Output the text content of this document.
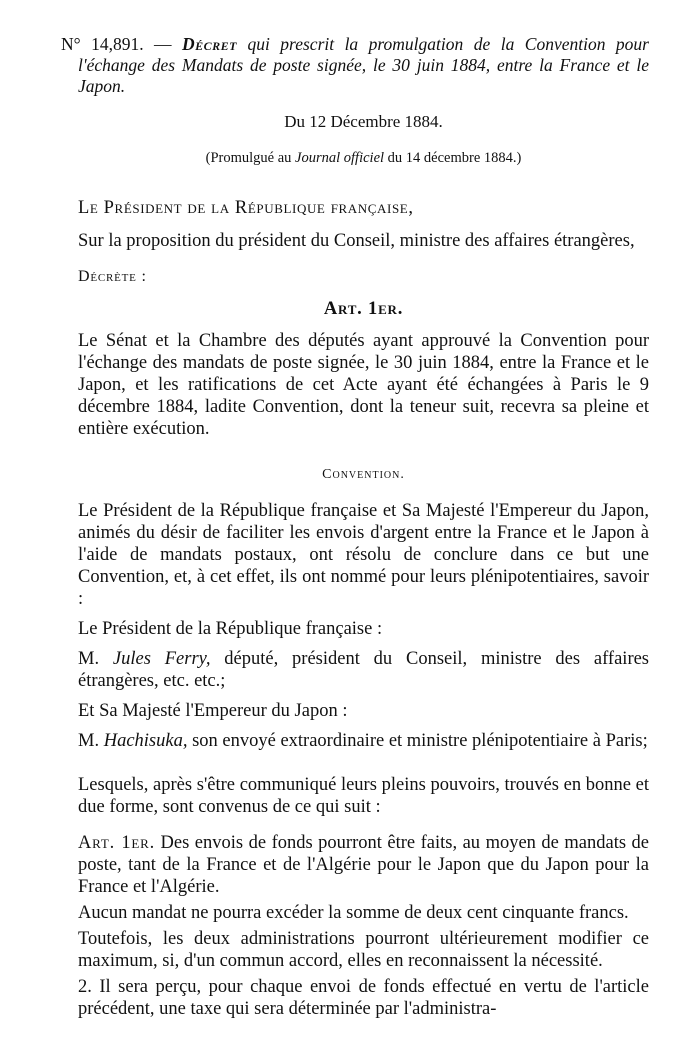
N° 14,891. — Décret qui prescrit la promulgation de la Convention pour l'échange des Mandats de poste signée, le 30 juin 1884, entre la France et le Japon.

Du 12 Décembre 1884.

(Promulgué au Journal officiel du 14 décembre 1884.)

Le Président de la République française,

Sur la proposition du président du Conseil, ministre des affaires étrangères,

Décrète :

Art. 1er.

Le Sénat et la Chambre des députés ayant approuvé la Convention pour l'échange des mandats de poste signée, le 30 juin 1884, entre la France et le Japon, et les ratifications de cet Acte ayant été échangées à Paris le 9 décembre 1884, ladite Convention, dont la teneur suit, recevra sa pleine et entière exécution.

Convention.

Le Président de la République française et Sa Majesté l'Empereur du Japon, animés du désir de faciliter les envois d'argent entre la France et le Japon à l'aide de mandats postaux, ont résolu de conclure dans ce but une Convention, et, à cet effet, ils ont nommé pour leurs plénipotentiaires, savoir :

Le Président de la République française :

M. Jules Ferry, député, président du Conseil, ministre des affaires étrangères, etc. etc.;

Et Sa Majesté l'Empereur du Japon :

M. Hachisuka, son envoyé extraordinaire et ministre plénipotentiaire à Paris;

Lesquels, après s'être communiqué leurs pleins pouvoirs, trouvés en bonne et due forme, sont convenus de ce qui suit :

Art. 1er. Des envois de fonds pourront être faits, au moyen de mandats de poste, tant de la France et de l'Algérie pour le Japon que du Japon pour la France et l'Algérie.

Aucun mandat ne pourra excéder la somme de deux cent cinquante francs.

Toutefois, les deux administrations pourront ultérieurement modifier ce maximum, si, d'un commun accord, elles en reconnaissent la nécessité.

2. Il sera perçu, pour chaque envoi de fonds effectué en vertu de l'article précédent, une taxe qui sera déterminée par l'administra-
